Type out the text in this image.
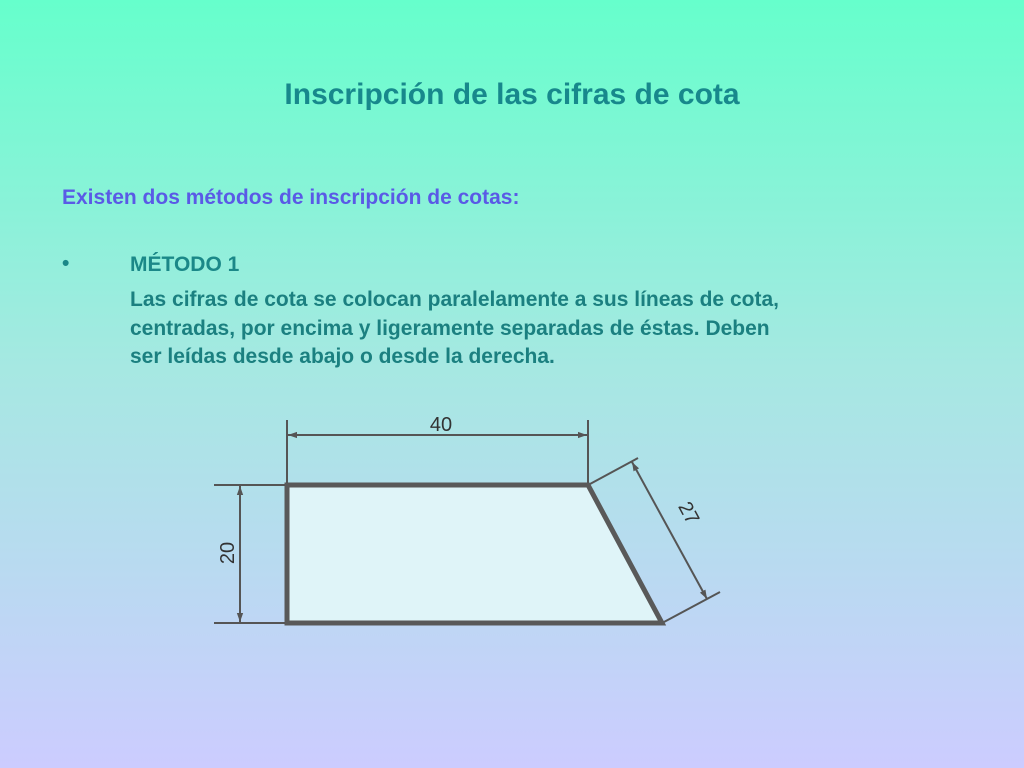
Inscripción de las cifras de cota
Existen dos métodos de inscripción de cotas:
•	MÉTODO 1
Las cifras de cota se colocan paralelamente a sus líneas de cota,
centradas, por encima y ligeramente separadas de éstas. Deben
ser leídas desde abajo o desde la derecha.
40
20
27
